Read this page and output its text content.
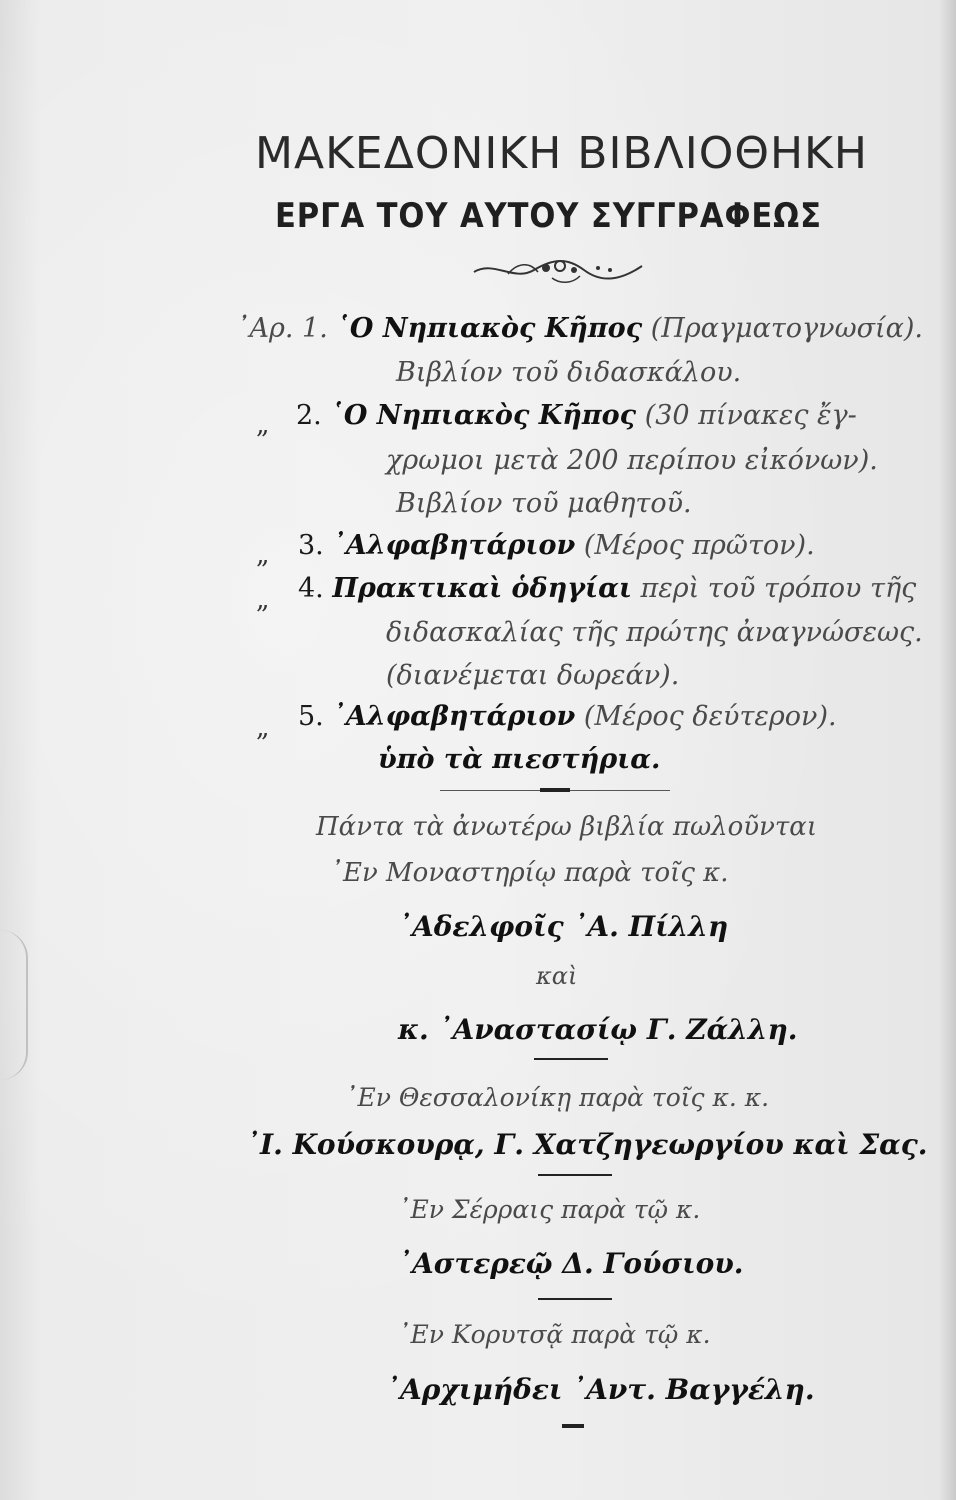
ΜΑΚΕΔΟΝΙΚΗ ΒΙΒΛΙΟΘΗΚΗ
ΕΡΓΑ ΤΟΥ ΑΥΤΟΥ ΣΥΓΓΡΑΦΕΩΣ
᾿Αρ. 1. ῾Ο Νηπιακὸς Κῆπος (Πραγματογνωσία).
Βιβλίον τοῦ διδασκάλου.
„ 2. ῾Ο Νηπιακὸς Κῆπος (30 πίνακες ἔγ-
χρωμοι μετὰ 200 περίπου εἰκόνων).
Βιβλίον τοῦ μαθητοῦ.
„ 3. ᾿Αλφαβητάριον (Μέρος πρῶτον).
„ 4. Πρακτικαὶ ὁδηγίαι περὶ τοῦ τρόπου τῆς
διδασκαλίας τῆς πρώτης ἀναγνώσεως.
(διανέμεται δωρεάν).
„ 5. ᾿Αλφαβητάριον (Μέρος δεύτερον).
ὑπὸ τὰ πιεστήρια.
Πάντα τὰ ἀνωτέρω βιβλία πωλοῦνται
᾿Εν Μοναστηρίῳ παρὰ τοῖς κ.
᾿Αδελφοῖς ᾿Α. Πίλλη
καὶ
κ. ᾿Αναστασίῳ Γ. Ζάλλη.
᾿Εν Θεσσαλονίκῃ παρὰ τοῖς κ. κ.
᾿Ι. Κούσκουρᾳ, Γ. Χατζηγεωργίου καὶ Σας.
᾿Εν Σέρραις παρὰ τῷ κ.
᾿Αστερεῷ Δ. Γούσιου.
᾿Εν Κορυτσᾷ παρὰ τῷ κ.
᾿Αρχιμήδει ᾿Αντ. Βαγγέλη.
